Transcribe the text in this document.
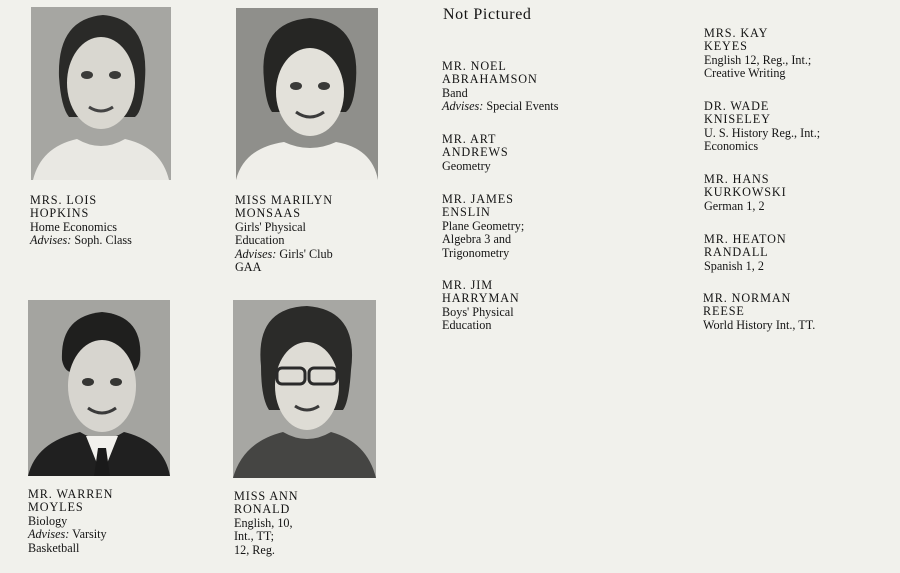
MRS. LOIS
HOPKINS
Home Economics
Advises: Soph. Class
MISS MARILYN
MONSAAS
Girls' Physical
Education
Advises: Girls' Club
GAA
MR. WARREN
MOYLES
Biology
Advises: Varsity
Basketball
MISS ANN
RONALD
English, 10,
Int., TT;
12, Reg.
Not Pictured
MR. NOEL
ABRAHAMSON
Band
Advises: Special Events
MR. ART
ANDREWS
Geometry
MR. JAMES
ENSLIN
Plane Geometry;
Algebra 3 and
Trigonometry
MR. JIM
HARRYMAN
Boys' Physical
Education
MRS. KAY
KEYES
English 12, Reg., Int.;
Creative Writing
DR. WADE
KNISELEY
U. S. History Reg., Int.;
Economics
MR. HANS
KURKOWSKI
German 1, 2
MR. HEATON
RANDALL
Spanish 1, 2
MR. NORMAN
REESE
World History Int., TT.
